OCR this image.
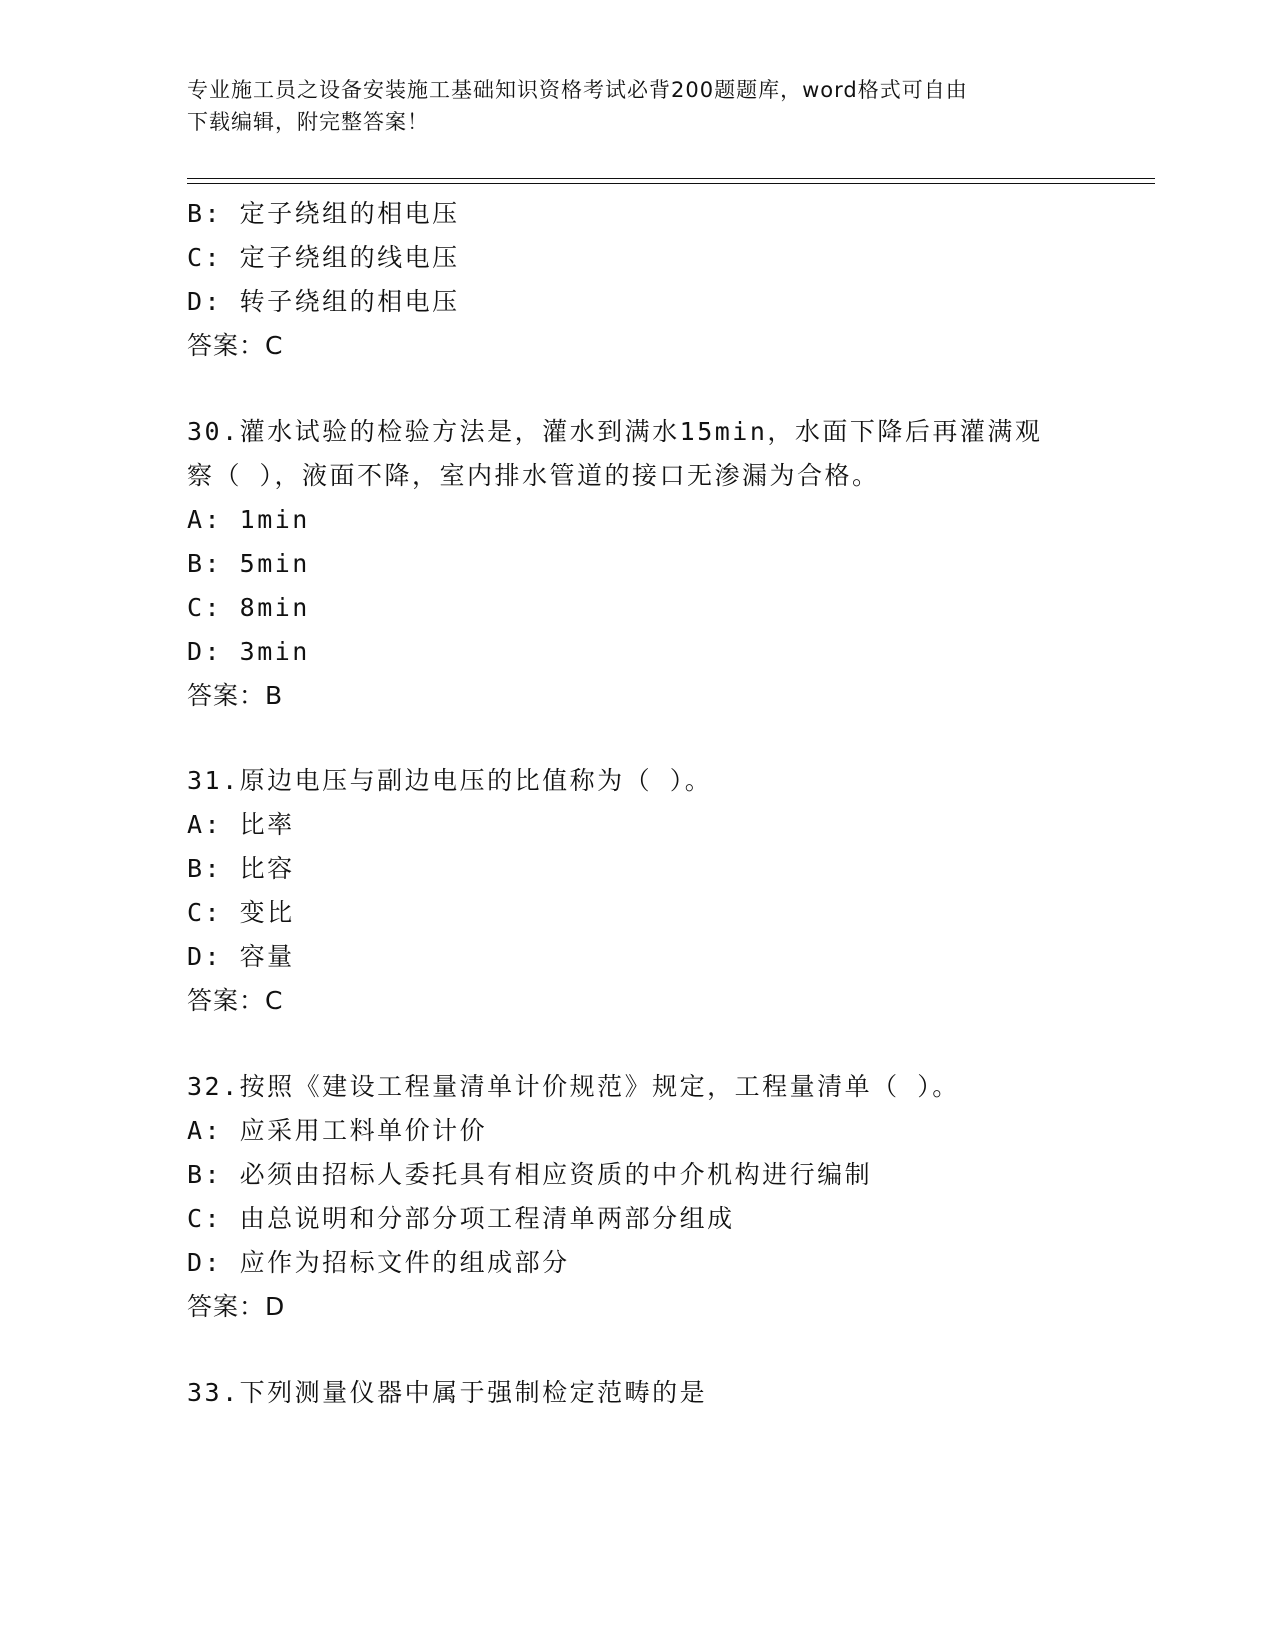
专业施工员之设备安装施工基础知识资格考试必背200题题库，word格式可自由
下载编辑，附完整答案！
B: 定子绕组的相电压
C: 定子绕组的线电压
D: 转子绕组的相电压
答案：C
30.灌水试验的检验方法是，灌水到满水15min，水面下降后再灌满观
察（ ），液面不降，室内排水管道的接口无渗漏为合格。
A: 1min
B: 5min
C: 8min
D: 3min
答案：B
31.原边电压与副边电压的比值称为（ ）。
A: 比率
B: 比容
C: 变比
D: 容量
答案：C
32.按照《建设工程量清单计价规范》规定，工程量清单（ ）。
A: 应采用工料单价计价
B: 必须由招标人委托具有相应资质的中介机构进行编制
C: 由总说明和分部分项工程清单两部分组成
D: 应作为招标文件的组成部分
答案：D
33.下列测量仪器中属于强制检定范畴的是
